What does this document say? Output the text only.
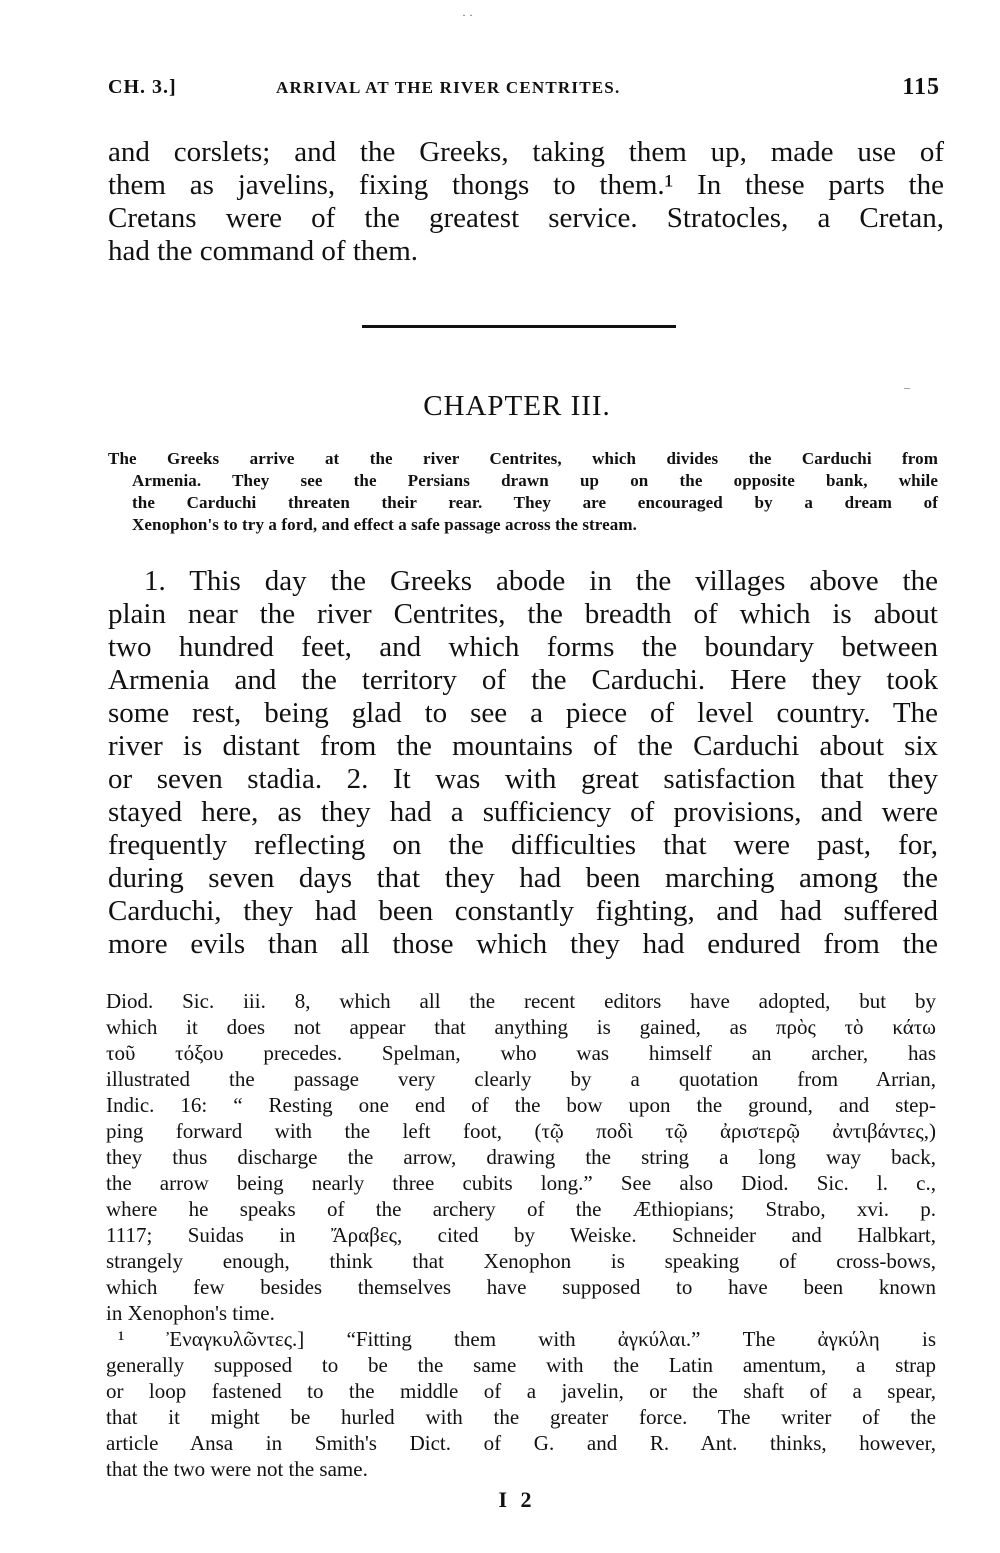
· ·
¯
CH. 3.]	ARRIVAL AT THE RIVER CENTRITES.	115
and corslets; and the Greeks, taking them up, made use of
them as javelins, fixing thongs to them.¹ In these parts the
Cretans were of the greatest service. Stratocles, a Cretan,
had the command of them.
CHAPTER III.
The Greeks arrive at the river Centrites, which divides the Carduchi from
Armenia. They see the Persians drawn up on the opposite bank, while
the Carduchi threaten their rear. They are encouraged by a dream of
Xenophon's to try a ford, and effect a safe passage across the stream.
1. This day the Greeks abode in the villages above the
plain near the river Centrites, the breadth of which is about
two hundred feet, and which forms the boundary between
Armenia and the territory of the Carduchi. Here they took
some rest, being glad to see a piece of level country. The
river is distant from the mountains of the Carduchi about six
or seven stadia. 2. It was with great satisfaction that they
stayed here, as they had a sufficiency of provisions, and were
frequently reflecting on the difficulties that were past, for,
during seven days that they had been marching among the
Carduchi, they had been constantly fighting, and had suffered
more evils than all those which they had endured from the
Diod. Sic. iii. 8, which all the recent editors have adopted, but by
which it does not appear that anything is gained, as πρὸς τὸ κάτω
τοῦ τόξου precedes. Spelman, who was himself an archer, has
illustrated the passage very clearly by a quotation from Arrian,
Indic. 16: “ Resting one end of the bow upon the ground, and step-
ping forward with the left foot, (τῷ ποδὶ τῷ ἀριστερῷ ἀντιβάντες,)
they thus discharge the arrow, drawing the string a long way back,
the arrow being nearly three cubits long.” See also Diod. Sic. l. c.,
where he speaks of the archery of the Æthiopians; Strabo, xvi. p.
1117; Suidas in Ἄραβες, cited by Weiske. Schneider and Halbkart,
strangely enough, think that Xenophon is speaking of cross-bows,
which few besides themselves have supposed to have been known
in Xenophon's time.
¹ Ἐναγκυλῶντες.] “Fitting them with ἀγκύλαι.” The ἀγκύλη is
generally supposed to be the same with the Latin amentum, a strap
or loop fastened to the middle of a javelin, or the shaft of a spear,
that it might be hurled with the greater force. The writer of the
article Ansa in Smith's Dict. of G. and R. Ant. thinks, however,
that the two were not the same.
I 2
